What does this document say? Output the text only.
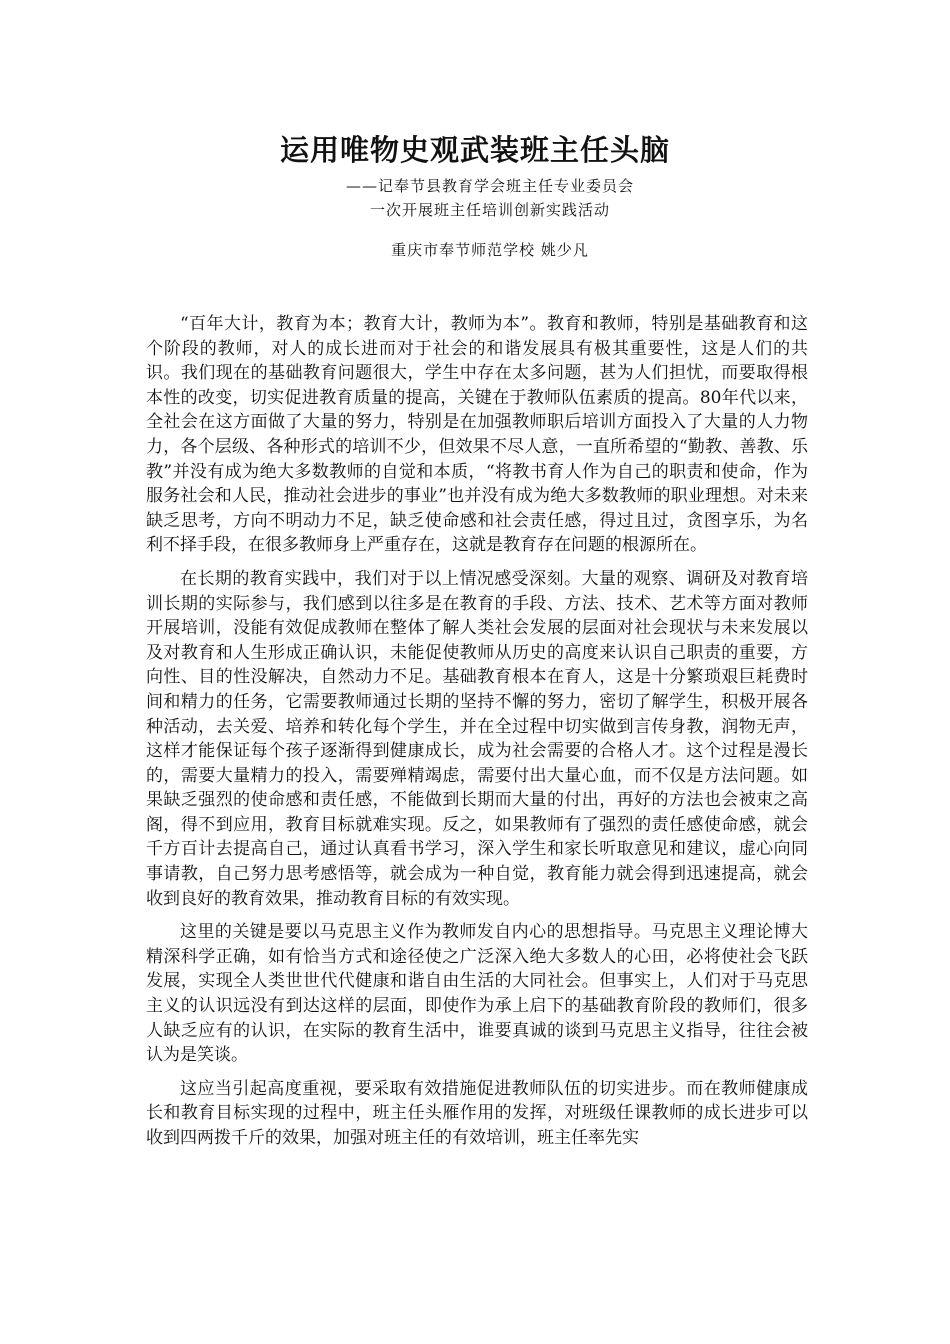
运用唯物史观武装班主任头脑

——记奉节县教育学会班主任专业委员会

一次开展班主任培训创新实践活动

重庆市奉节师范学校 姚少凡

“百年大计，教育为本；教育大计，教师为本”。教育和教师，特别是基础教育和这个阶段的教师，对人的成长进而对于社会的和谐发展具有极其重要性，这是人们的共识。我们现在的基础教育问题很大，学生中存在太多问题，甚为人们担忧，而要取得根本性的改变，切实促进教育质量的提高，关键在于教师队伍素质的提高。80年代以来，全社会在这方面做了大量的努力，特别是在加强教师职后培训方面投入了大量的人力物力，各个层级、各种形式的培训不少，但效果不尽人意，一直所希望的“勤教、善教、乐教”并没有成为绝大多数教师的自觉和本质，“将教书育人作为自己的职责和使命，作为服务社会和人民，推动社会进步的事业”也并没有成为绝大多数教师的职业理想。对未来缺乏思考，方向不明动力不足，缺乏使命感和社会责任感，得过且过，贪图享乐，为名利不择手段，在很多教师身上严重存在，这就是教育存在问题的根源所在。

在长期的教育实践中，我们对于以上情况感受深刻。大量的观察、调研及对教育培训长期的实际参与，我们感到以往多是在教育的手段、方法、技术、艺术等方面对教师开展培训，没能有效促成教师在整体了解人类社会发展的层面对社会现状与未来发展以及对教育和人生形成正确认识，未能促使教师从历史的高度来认识自己职责的重要，方向性、目的性没解决，自然动力不足。基础教育根本在育人，这是十分繁琐艰巨耗费时间和精力的任务，它需要教师通过长期的坚持不懈的努力，密切了解学生，积极开展各种活动，去关爱、培养和转化每个学生，并在全过程中切实做到言传身教，润物无声，这样才能保证每个孩子逐渐得到健康成长，成为社会需要的合格人才。这个过程是漫长的，需要大量精力的投入，需要殚精竭虑，需要付出大量心血，而不仅是方法问题。如果缺乏强烈的使命感和责任感，不能做到长期而大量的付出，再好的方法也会被束之高阁，得不到应用，教育目标就难实现。反之，如果教师有了强烈的责任感使命感，就会千方百计去提高自己，通过认真看书学习，深入学生和家长听取意见和建议，虚心向同事请教，自己努力思考感悟等，就会成为一种自觉，教育能力就会得到迅速提高，就会收到良好的教育效果，推动教育目标的有效实现。

这里的关键是要以马克思主义作为教师发自内心的思想指导。马克思主义理论博大精深科学正确，如有恰当方式和途径使之广泛深入绝大多数人的心田，必将使社会飞跃发展，实现全人类世世代代健康和谐自由生活的大同社会。但事实上，人们对于马克思主义的认识远没有到达这样的层面，即使作为承上启下的基础教育阶段的教师们，很多人缺乏应有的认识，在实际的教育生活中，谁要真诚的谈到马克思主义指导，往往会被认为是笑谈。

这应当引起高度重视，要采取有效措施促进教师队伍的切实进步。而在教师健康成长和教育目标实现的过程中，班主任头雁作用的发挥，对班级任课教师的成长进步可以收到四两拨千斤的效果，加强对班主任的有效培训，班主任率先实
